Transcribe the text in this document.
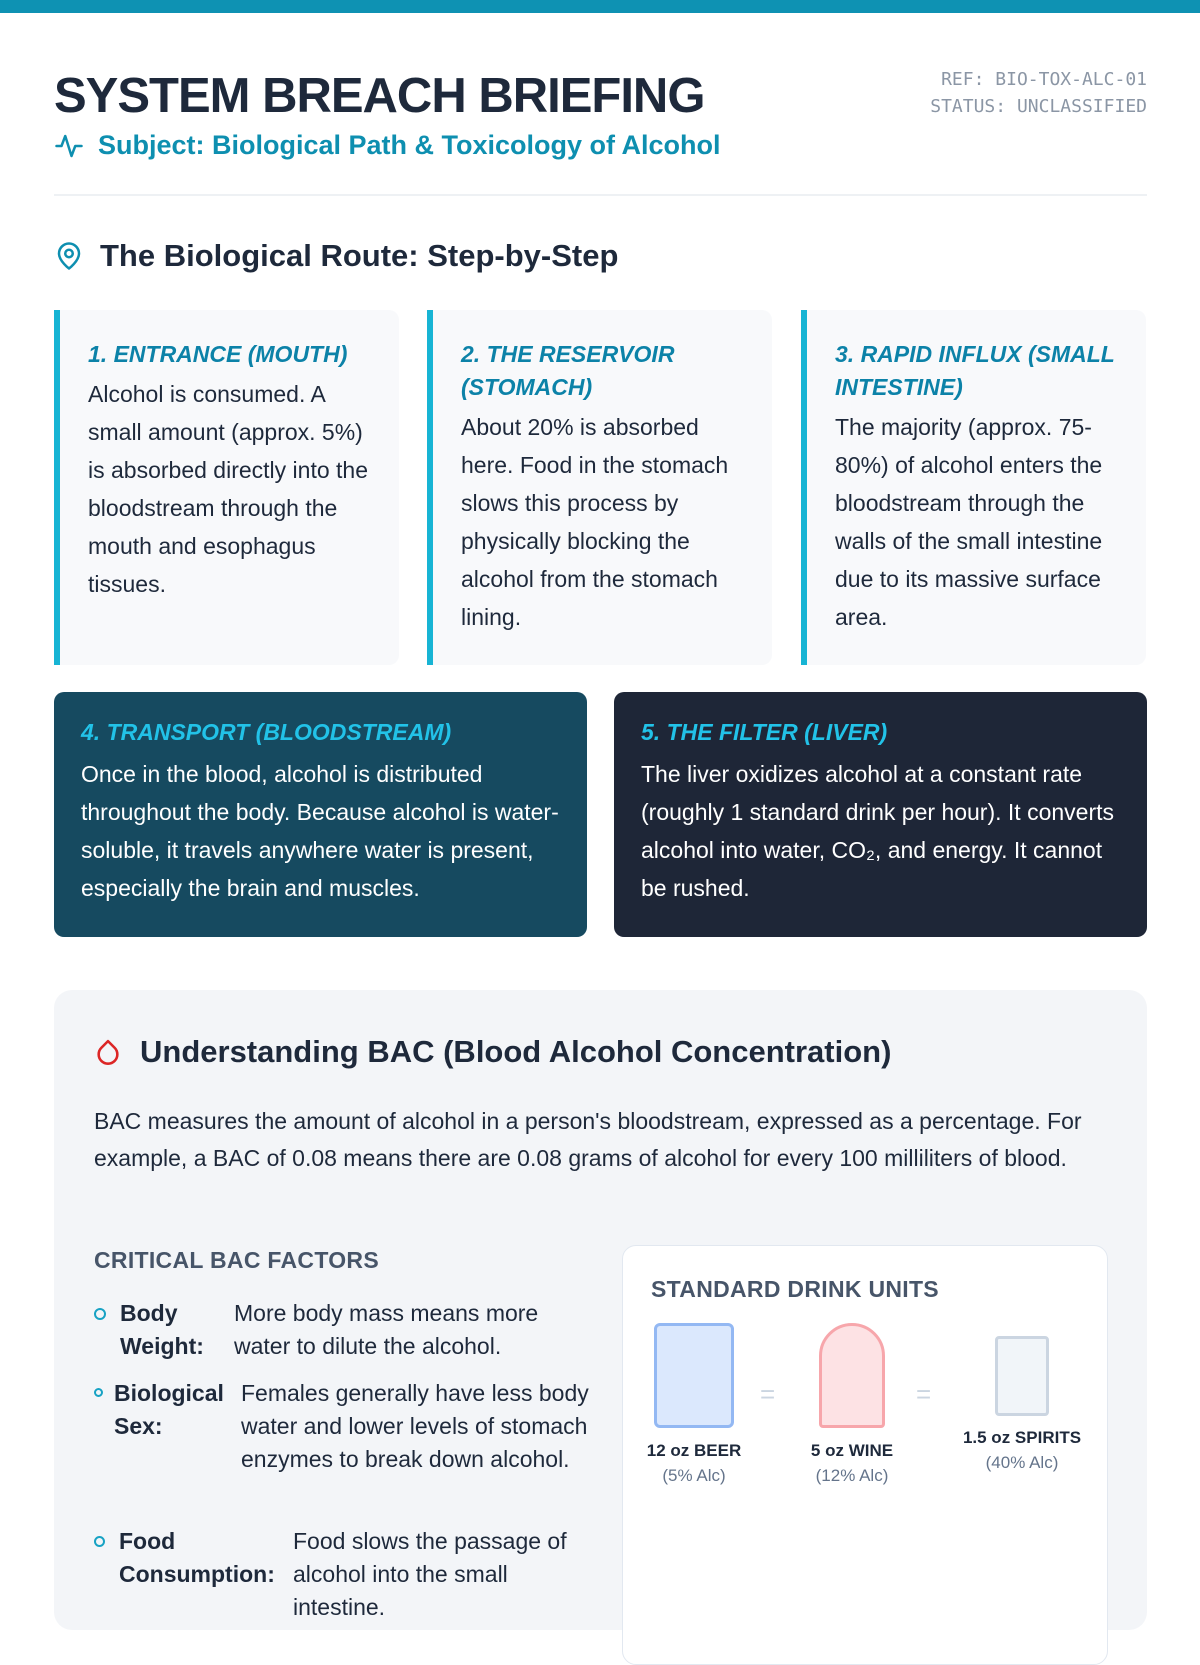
SYSTEM BREACH BRIEFING
Subject: Biological Path & Toxicology of Alcohol
REF: BIO-TOX-ALC-01
STATUS: UNCLASSIFIED
The Biological Route: Step-by-Step
1. ENTRANCE (MOUTH)

Alcohol is consumed. A small amount (approx. 5%) is absorbed directly into the bloodstream through the mouth and esophagus tissues.

2. THE RESERVOIR (STOMACH)

About 20% is absorbed here. Food in the stomach slows this process by physically blocking the alcohol from the stomach lining.

3. RAPID INFLUX (SMALL INTESTINE)

The majority (approx. 75-80%) of alcohol enters the bloodstream through the walls of the small intestine due to its massive surface area.

4. TRANSPORT (BLOODSTREAM)

Once in the blood, alcohol is distributed throughout the body. Because alcohol is water-soluble, it travels anywhere water is present, especially the brain and muscles.

5. THE FILTER (LIVER)

The liver oxidizes alcohol at a constant rate (roughly 1 standard drink per hour). It converts alcohol into water, CO₂, and energy. It cannot be rushed.

Understanding BAC (Blood Alcohol Concentration)

BAC measures the amount of alcohol in a person's bloodstream, expressed as a percentage. For example, a BAC of 0.08 means there are 0.08 grams of alcohol for every 100 milliliters of blood.

CRITICAL BAC FACTORS
Body Weight:
More body mass means more water to dilute the alcohol.
Biological Sex:
Females generally have less body water and lower levels of stomach enzymes to break down alcohol.
Food Consumption:
Food slows the passage of alcohol into the small intestine.
STANDARD DRINK UNITS
12 oz BEER
(5% Alc)
=
5 oz WINE
(12% Alc)
=
1.5 oz SPIRITS
(40% Alc)
